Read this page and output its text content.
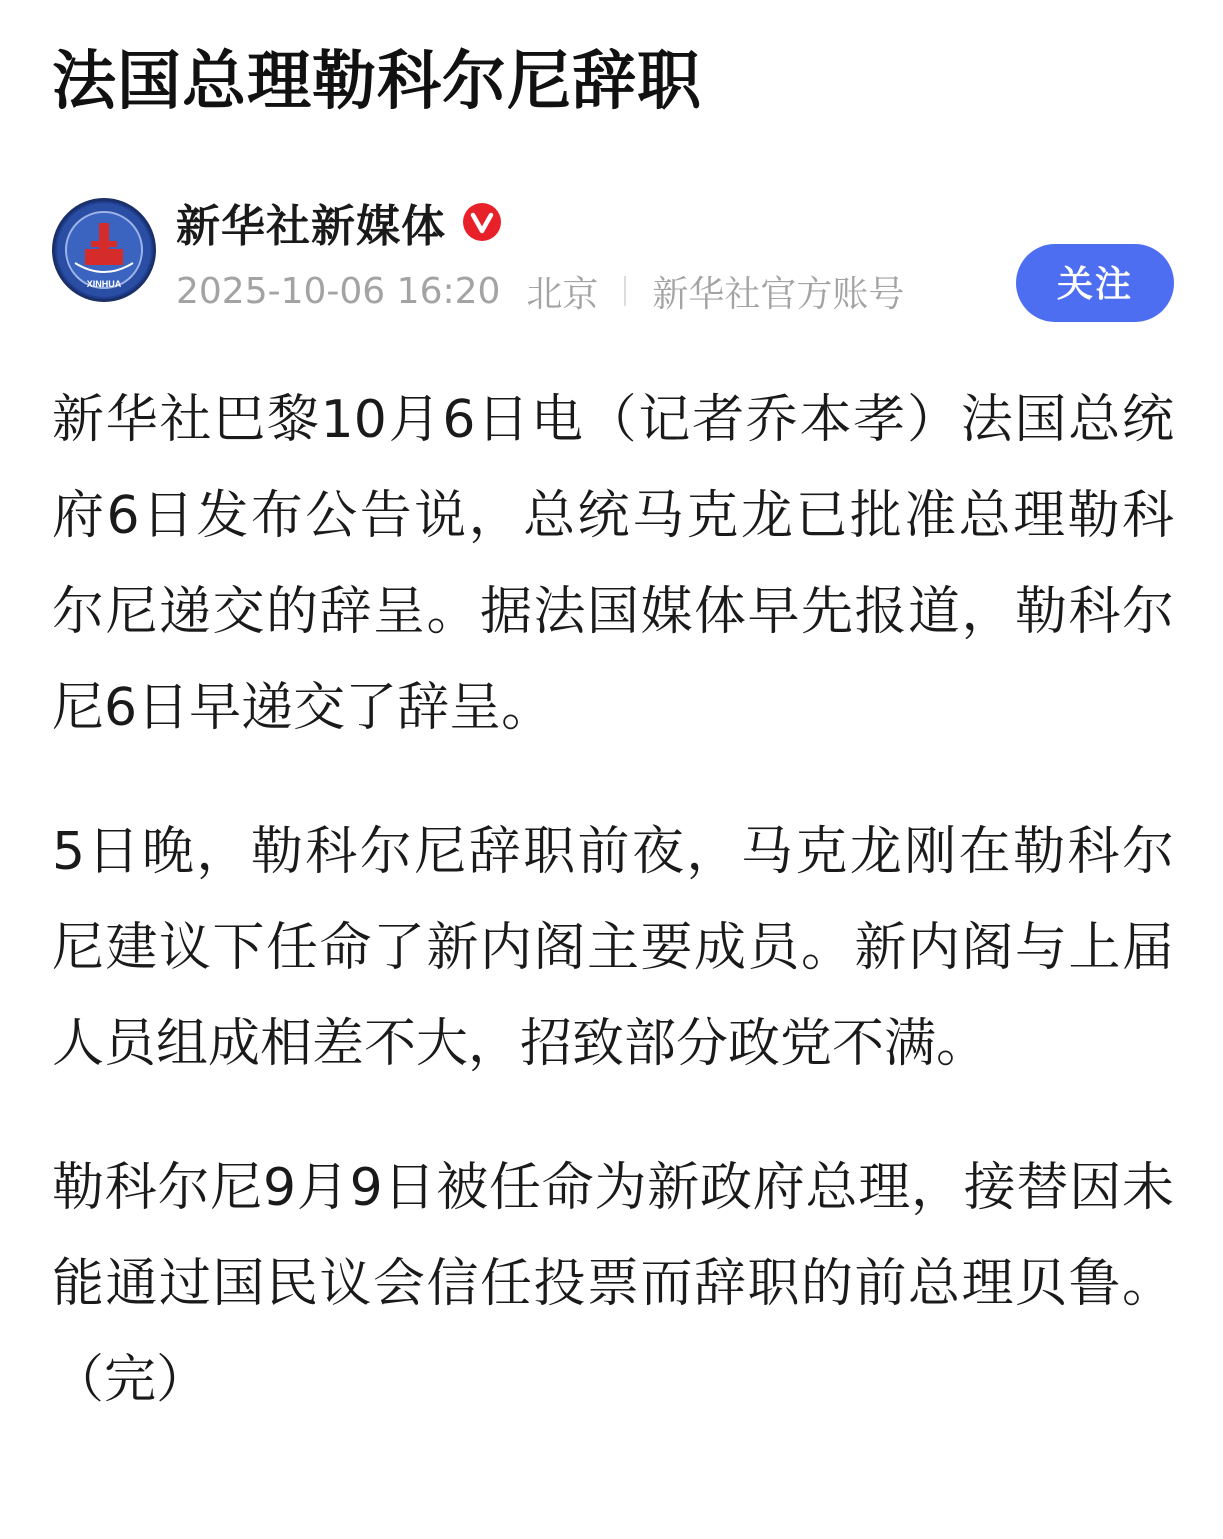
法国总理勒科尔尼辞职
XINHUA
新华社新媒体
2025-10-06 16:20 北京 新华社官方账号	关注

新华社巴黎10月6日电（记者乔本孝）法国总统府6日发布公告说，总统马克龙已批准总理勒科尔尼递交的辞呈。据法国媒体早先报道，勒科尔尼6日早递交了辞呈。

5日晚，勒科尔尼辞职前夜，马克龙刚在勒科尔尼建议下任命了新内阁主要成员。新内阁与上届人员组成相差不大，招致部分政党不满。

勒科尔尼9月9日被任命为新政府总理，接替因未能通过国民议会信任投票而辞职的前总理贝鲁。（完）
